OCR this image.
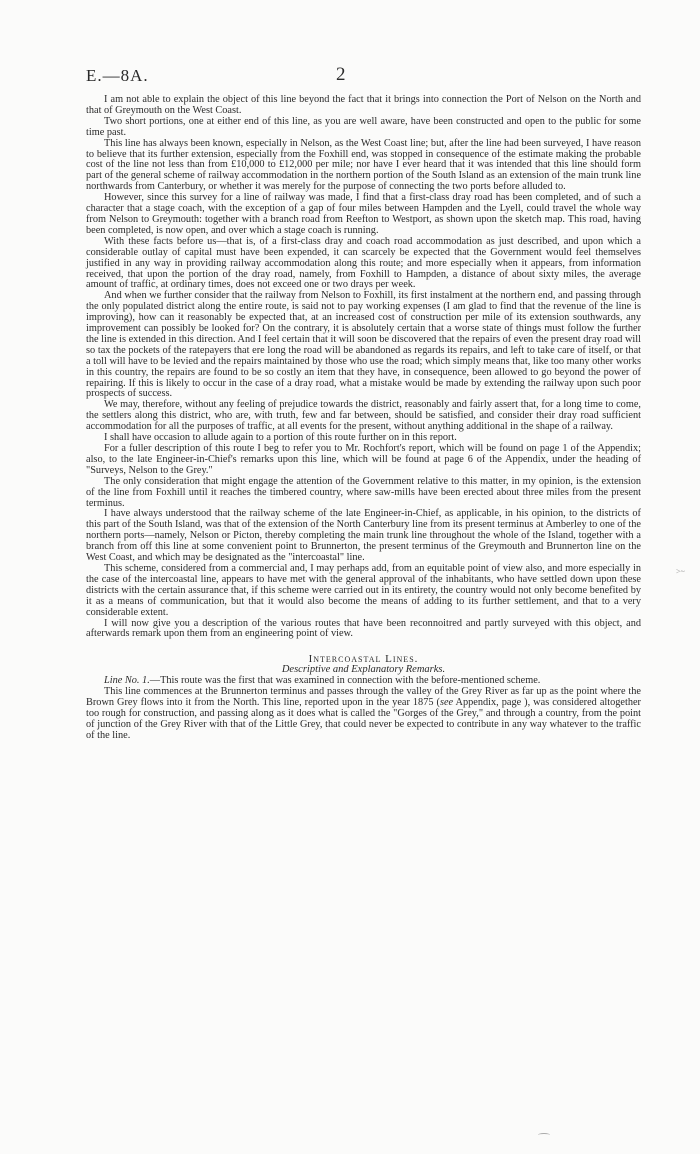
E.—8A.	2

I am not able to explain the object of this line beyond the fact that it brings into connection the Port of Nelson on the North and that of Greymouth on the West Coast.

Two short portions, one at either end of this line, as you are well aware, have been constructed and open to the public for some time past.

This line has always been known, especially in Nelson, as the West Coast line; but, after the line had been surveyed, I have reason to believe that its further extension, especially from the Foxhill end, was stopped in consequence of the estimate making the probable cost of the line not less than from £10,000 to £12,000 per mile; nor have I ever heard that it was intended that this line should form part of the general scheme of railway accommodation in the northern portion of the South Island as an extension of the main trunk line northwards from Canterbury, or whether it was merely for the purpose of connecting the two ports before alluded to.

However, since this survey for a line of railway was made, I find that a first-class dray road has been completed, and of such a character that a stage coach, with the exception of a gap of four miles between Hampden and the Lyell, could travel the whole way from Nelson to Greymouth: together with a branch road from Reefton to Westport, as shown upon the sketch map. This road, having been completed, is now open, and over which a stage coach is running.

With these facts before us—that is, of a first-class dray and coach road accommodation as just described, and upon which a considerable outlay of capital must have been expended, it can scarcely be expected that the Government would feel themselves justified in any way in providing railway accommodation along this route; and more especially when it appears, from information received, that upon the portion of the dray road, namely, from Foxhill to Hampden, a distance of about sixty miles, the average amount of traffic, at ordinary times, does not exceed one or two drays per week.

And when we further consider that the railway from Nelson to Foxhill, its first instalment at the northern end, and passing through the only populated district along the entire route, is said not to pay working expenses (I am glad to find that the revenue of the line is improving), how can it reasonably be expected that, at an increased cost of construction per mile of its extension southwards, any improvement can possibly be looked for? On the contrary, it is absolutely certain that a worse state of things must follow the further the line is extended in this direction. And I feel certain that it will soon be discovered that the repairs of even the present dray road will so tax the pockets of the ratepayers that ere long the road will be abandoned as regards its repairs, and left to take care of itself, or that a toll will have to be levied and the repairs maintained by those who use the road; which simply means that, like too many other works in this country, the repairs are found to be so costly an item that they have, in consequence, been allowed to go beyond the power of repairing. If this is likely to occur in the case of a dray road, what a mistake would be made by extending the railway upon such poor prospects of success.

We may, therefore, without any feeling of prejudice towards the district, reasonably and fairly assert that, for a long time to come, the settlers along this district, who are, with truth, few and far between, should be satisfied, and consider their dray road sufficient accommodation for all the purposes of traffic, at all events for the present, without anything additional in the shape of a railway.

I shall have occasion to allude again to a portion of this route further on in this report.

For a fuller description of this route I beg to refer you to Mr. Rochfort's report, which will be found on page 1 of the Appendix; also, to the late Engineer-in-Chief's remarks upon this line, which will be found at page 6 of the Appendix, under the heading of "Surveys, Nelson to the Grey."

The only consideration that might engage the attention of the Government relative to this matter, in my opinion, is the extension of the line from Foxhill until it reaches the timbered country, where saw-mills have been erected about three miles from the present terminus.

I have always understood that the railway scheme of the late Engineer-in-Chief, as applicable, in his opinion, to the districts of this part of the South Island, was that of the extension of the North Canterbury line from its present terminus at Amberley to one of the northern ports—namely, Nelson or Picton, thereby completing the main trunk line throughout the whole of the Island, together with a branch from off this line at some convenient point to Brunnerton, the present terminus of the Greymouth and Brunnerton line on the West Coast, and which may be designated as the "intercoastal" line.

This scheme, considered from a commercial and, I may perhaps add, from an equitable point of view also, and more especially in the case of the intercoastal line, appears to have met with the general approval of the inhabitants, who have settled down upon these districts with the certain assurance that, if this scheme were carried out in its entirety, the country would not only become benefited by it as a means of communication, but that it would also become the means of adding to its further settlement, and that to a very considerable extent.

I will now give you a description of the various routes that have been reconnoitred and partly surveyed with this object, and afterwards remark upon them from an engineering point of view.

Intercoastal Lines.

Descriptive and Explanatory Remarks.

Line No. 1.—This route was the first that was examined in connection with the before-mentioned scheme.

This line commences at the Brunnerton terminus and passes through the valley of the Grey River as far up as the point where the Brown Grey flows into it from the North. This line, reported upon in the year 1875 (see Appendix, page ), was considered altogether too rough for construction, and passing along as it does what is called the "Gorges of the Grey," and through a country, from the point of junction of the Grey River with that of the Little Grey, that could never be expected to contribute in any way whatever to the traffic of the line.

>~
